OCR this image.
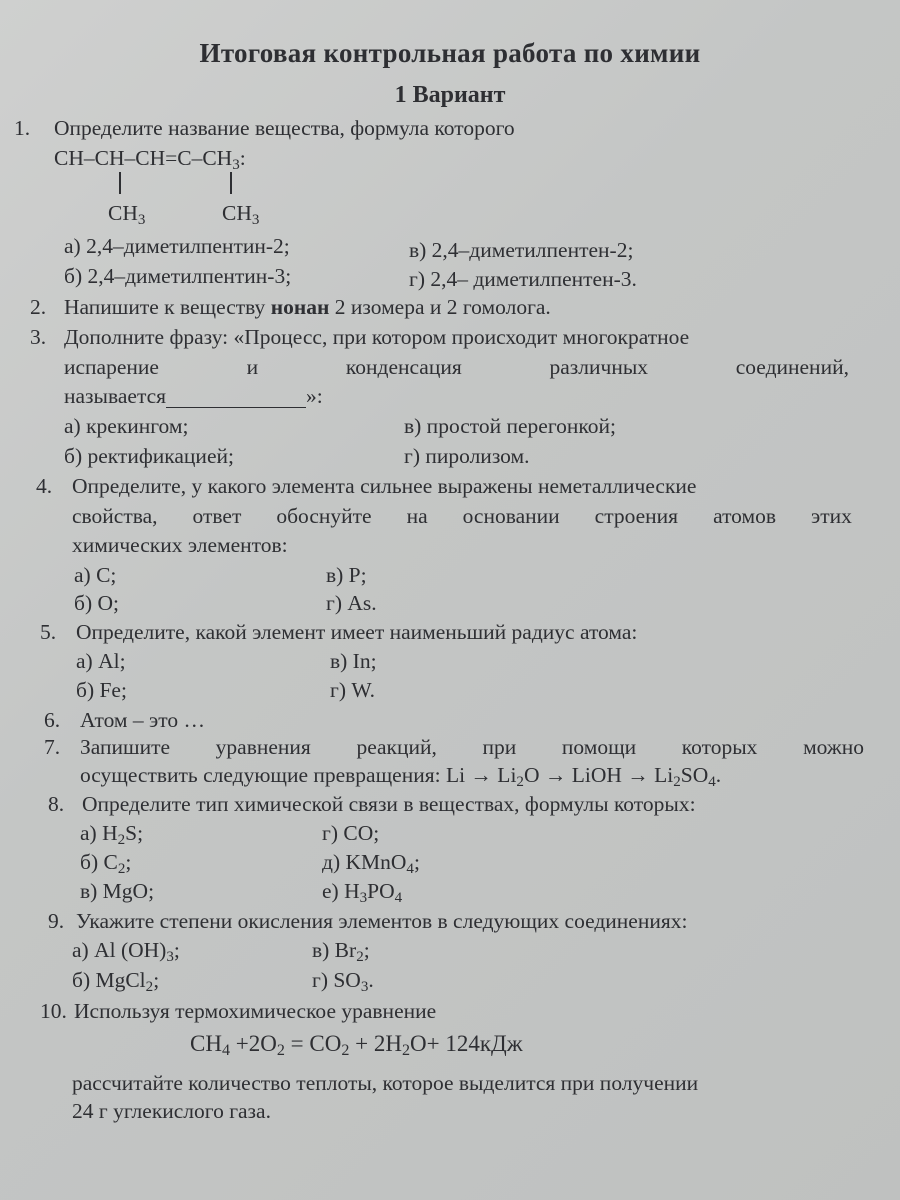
Итоговая контрольная работа по химии
1 Вариант
1. Определите название вещества, формула которого
$CH-CH-CH=C-CH_3$:
$CH_3$	$CH_3$
а) 2,4–диметилпентин-2;	в) 2,4–диметилпентен-2;
б) 2,4–диметилпентин-3;	г) 2,4– диметилпентен-3.
2. Напишите к веществу нонан 2 изомера и 2 гомолога.
3. Дополните фразу: «Процесс, при котором происходит многократное
испарение	и	конденсация	различных	соединений,
называется	»:
а) крекингом;	в) простой перегонкой;
б) ректификацией;	г) пиролизом.
4. Определите, у какого элемента сильнее выражены неметаллические
свойства, ответ обоснуйте на основании строения атомов этих
химических элементов:
а) C;	в) P;
б) O;	г) As.
5. Определите, какой элемент имеет наименьший радиус атома:
а) Al;	в) In;
б) Fe;	г) W.
6. Атом – это …
7. Запишите уравнения реакций, при помощи которых можно
осуществить следующие превращения: $Li \to Li_2O$ → LiOH → $Li_2SO_4$.
8. Определите тип химической связи в веществах, формулы которых:
а) $H_2S$;	г) CO;
б) $C_2$;	д) KMnO$_4$;
в) MgO;	е) $H_3PO_4$
9. Укажите степени окисления элементов в следующих соединениях:
а) Al $(OH)_3$;	в) $Br_2$;
б) MgCl$_2$;	г) $SO_3$.
10. Используя термохимическое уравнение
$CH_4 +2O_2 = CO_2 + 2H_2O+ 124кДж$
рассчитайте количество теплоты, которое выделится при получении
24 г углекислого газа.
